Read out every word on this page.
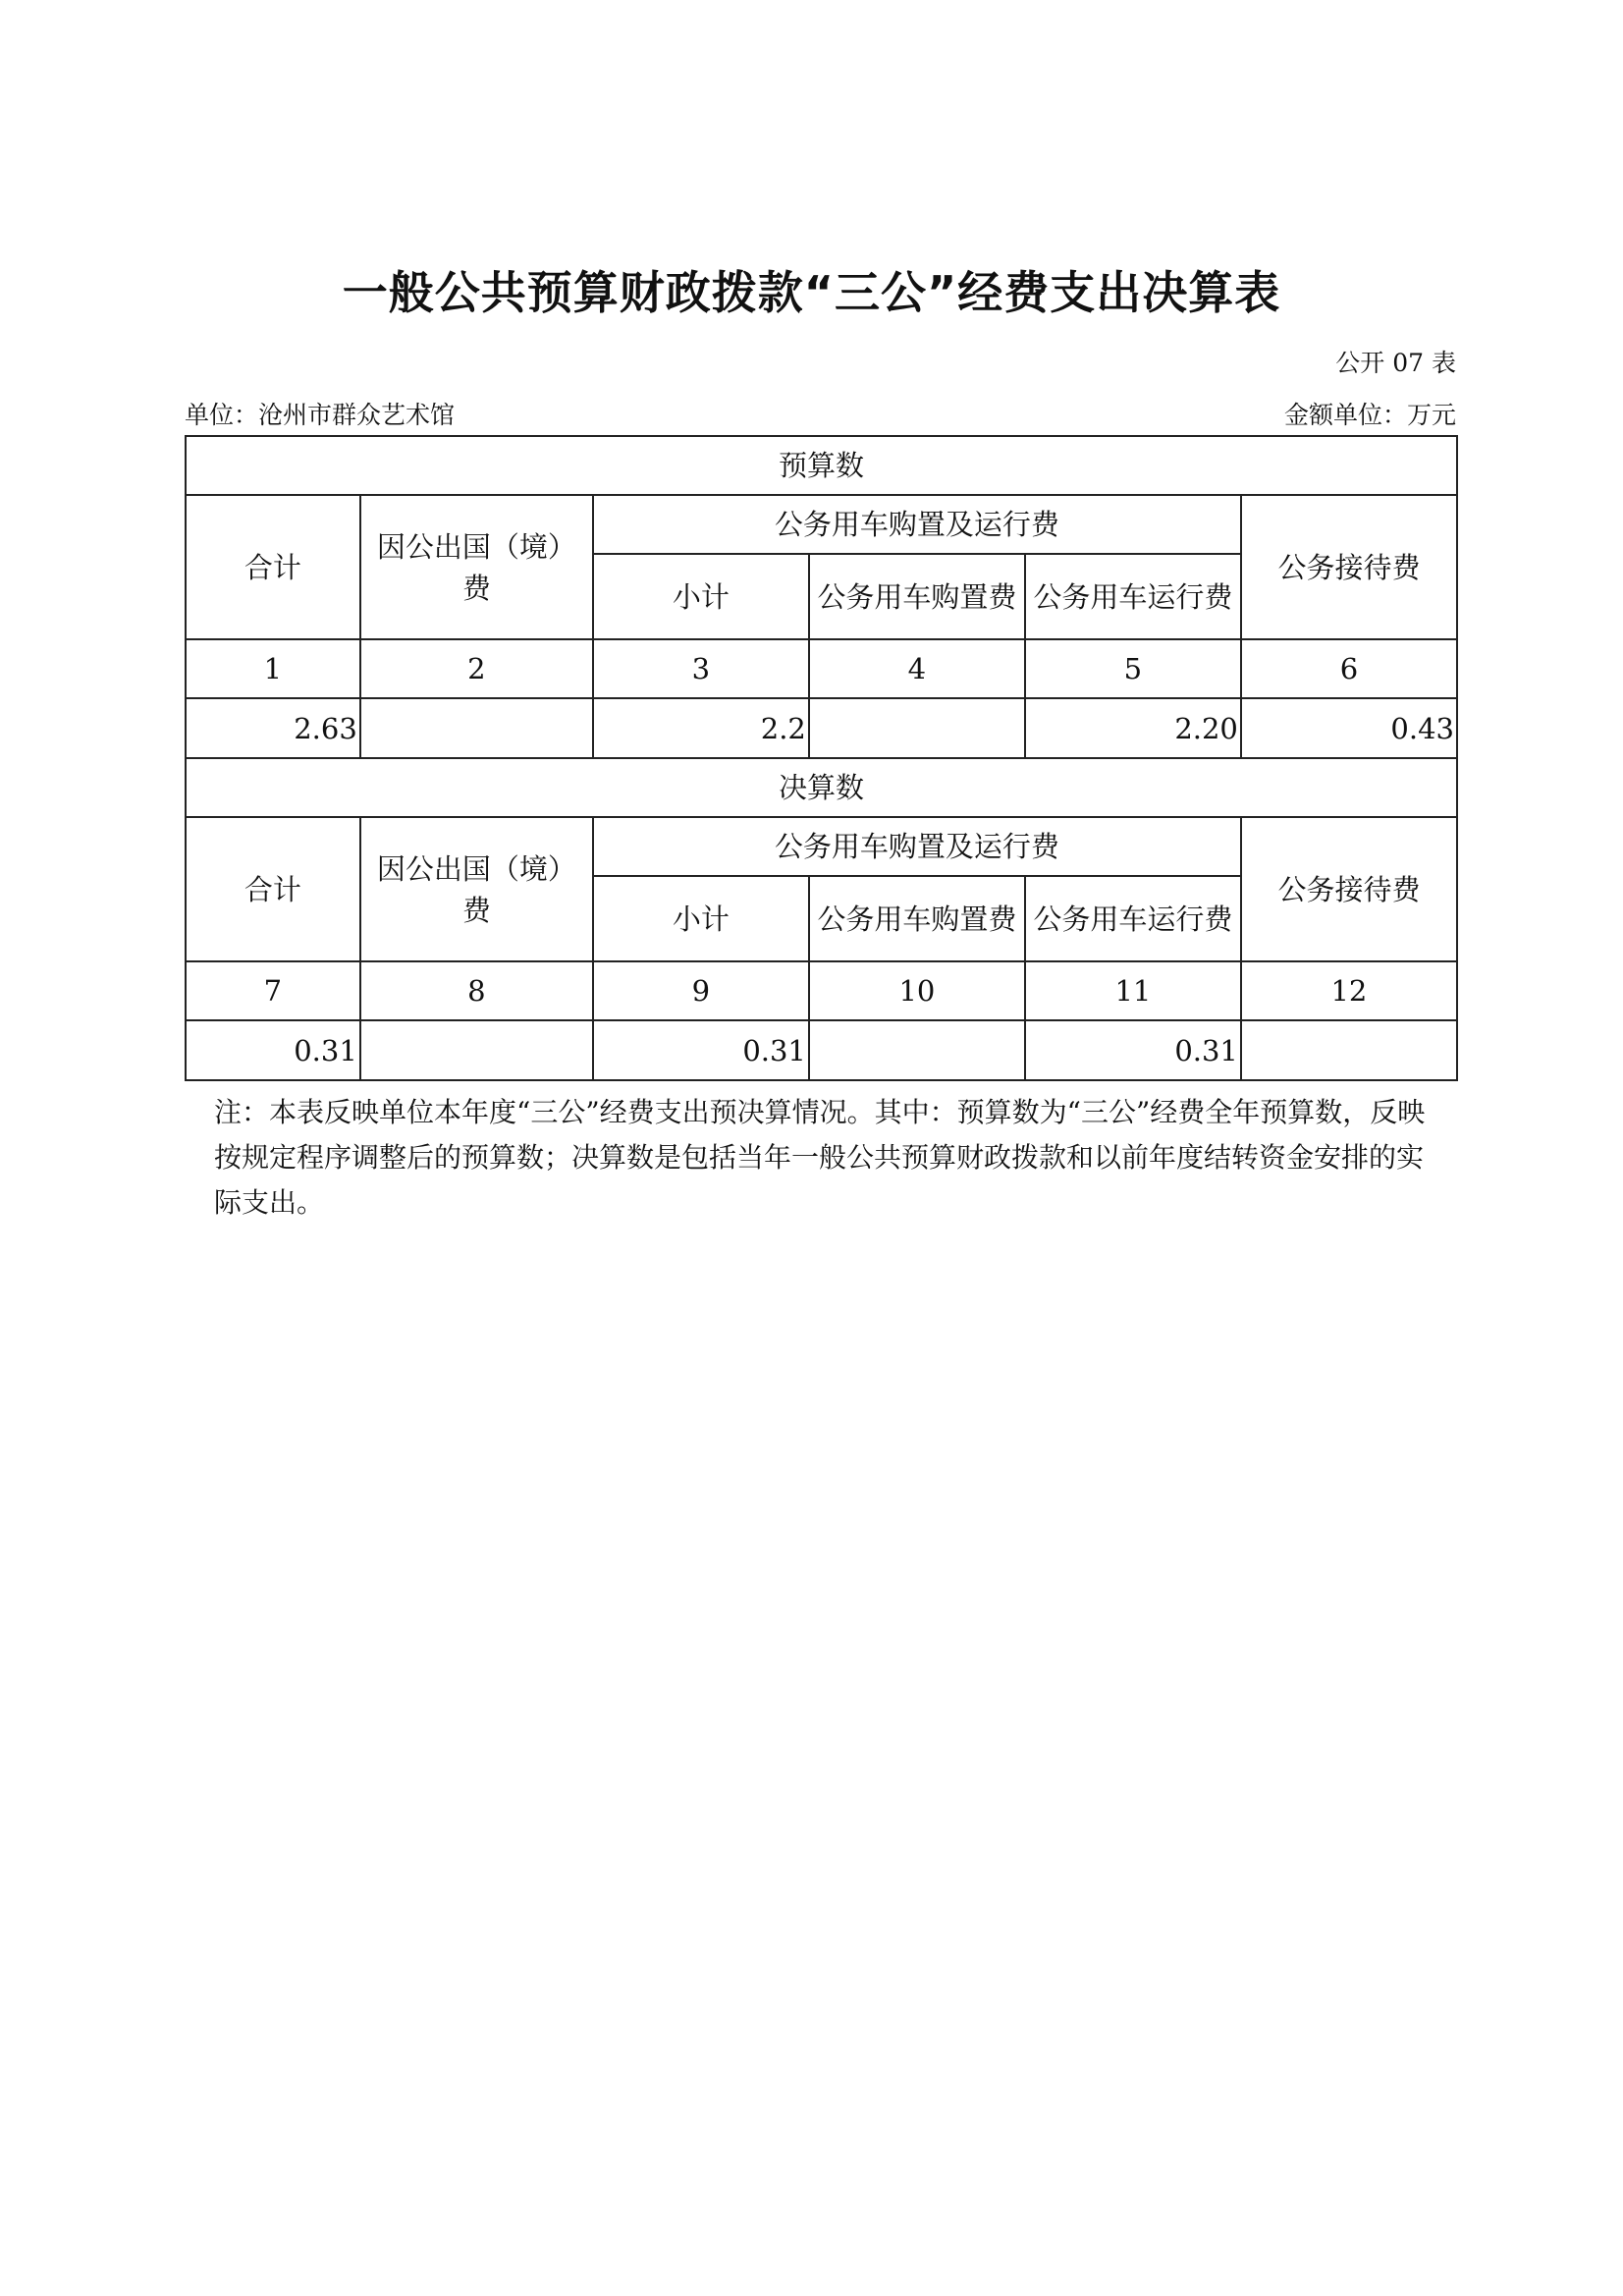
一般公共预算财政拨款“三公”经费支出决算表
公开 07 表
单位：沧州市群众艺术馆	金额单位：万元
预算数					
合计	因公出国（境）费	公务用车购置及运行费			公务接待费
		小计	公务用车购置费	公务用车运行费	
1	2	3	4	5	6
2.63		2.2		2.20	0.43
决算数					
合计	因公出国（境）费	公务用车购置及运行费			公务接待费
		小计	公务用车购置费	公务用车运行费	
7	8	9	10	11	12
0.31		0.31		0.31	
注：本表反映单位本年度“三公”经费支出预决算情况。其中：预算数为“三公”经费全年预算数，反映按规定程序调整后的预算数；决算数是包括当年一般公共预算财政拨款和以前年度结转资金安排的实际支出。
